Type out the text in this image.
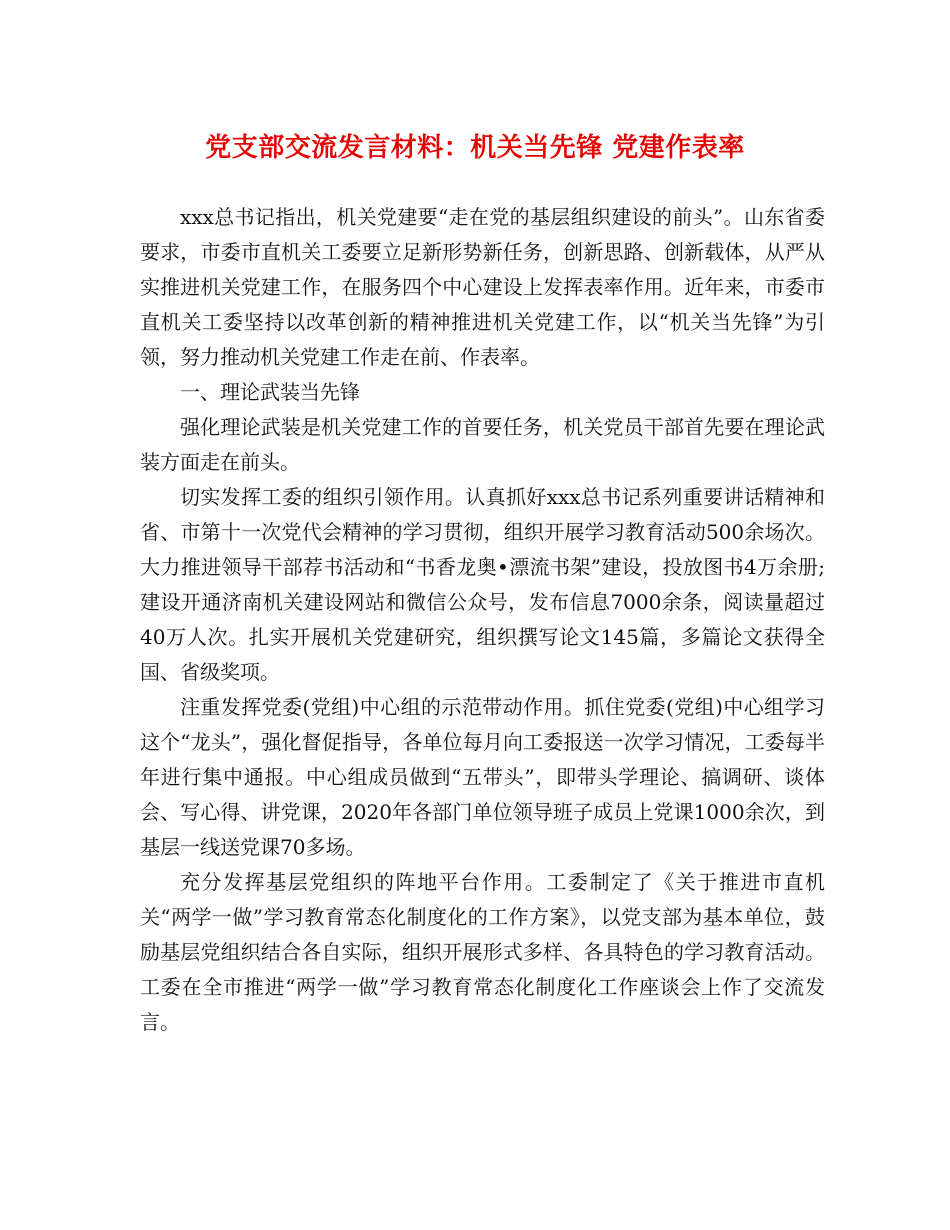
党支部交流发言材料：机关当先锋 党建作表率

xxx总书记指出，机关党建要“走在党的基层组织建设的前头”。山东省委要求，市委市直机关工委要立足新形势新任务，创新思路、创新载体，从严从实推进机关党建工作，在服务四个中心建设上发挥表率作用。近年来，市委市直机关工委坚持以改革创新的精神推进机关党建工作，以“机关当先锋”为引领，努力推动机关党建工作走在前、作表率。

一、理论武装当先锋

强化理论武装是机关党建工作的首要任务，机关党员干部首先要在理论武装方面走在前头。

切实发挥工委的组织引领作用。认真抓好xxx总书记系列重要讲话精神和省、市第十一次党代会精神的学习贯彻，组织开展学习教育活动500余场次。大力推进领导干部荐书活动和“书香龙奥•漂流书架”建设，投放图书4万余册;建设开通济南机关建设网站和微信公众号，发布信息7000余条，阅读量超过40万人次。扎实开展机关党建研究，组织撰写论文145篇，多篇论文获得全国、省级奖项。

注重发挥党委(党组)中心组的示范带动作用。抓住党委(党组)中心组学习这个“龙头”，强化督促指导，各单位每月向工委报送一次学习情况，工委每半年进行集中通报。中心组成员做到“五带头”，即带头学理论、搞调研、谈体会、写心得、讲党课，2020年各部门单位领导班子成员上党课1000余次，到基层一线送党课70多场。

充分发挥基层党组织的阵地平台作用。工委制定了《关于推进市直机关“两学一做”学习教育常态化制度化的工作方案》，以党支部为基本单位，鼓励基层党组织结合各自实际，组织开展形式多样、各具特色的学习教育活动。工委在全市推进“两学一做”学习教育常态化制度化工作座谈会上作了交流发言。
